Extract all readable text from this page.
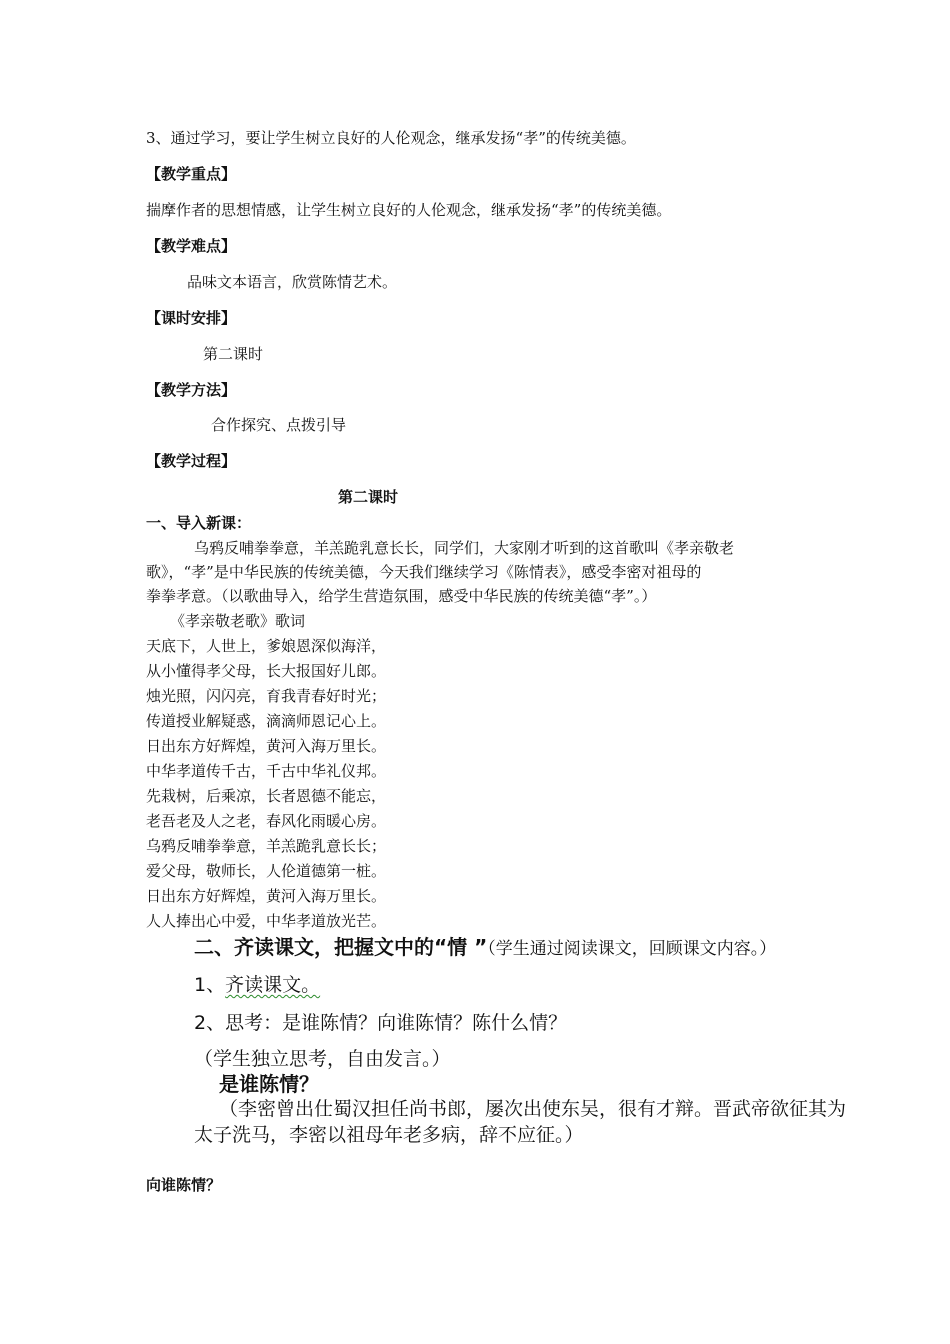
3、通过学习，要让学生树立良好的人伦观念，继承发扬“孝”的传统美德。
【教学重点】
揣摩作者的思想情感，让学生树立良好的人伦观念，继承发扬“孝”的传统美德。
【教学难点】
品味文本语言，欣赏陈情艺术。
【课时安排】
第二课时
【教学方法】
合作探究、点拨引导
【教学过程】
第二课时
一、导入新课：
乌鸦反哺拳拳意，羊羔跪乳意长长，同学们，大家刚才听到的这首歌叫《孝亲敬老
歌》，“孝”是中华民族的传统美德，今天我们继续学习《陈情表》，感受李密对祖母的
拳拳孝意。（以歌曲导入，给学生营造氛围，感受中华民族的传统美德“孝”。）
《孝亲敬老歌》歌词
天底下，人世上，爹娘恩深似海洋，
从小懂得孝父母，长大报国好儿郎。
烛光照，闪闪亮，育我青春好时光；
传道授业解疑惑，滴滴师恩记心上。
日出东方好辉煌，黄河入海万里长。
中华孝道传千古，千古中华礼仪邦。
先栽树，后乘凉，长者恩德不能忘，
老吾老及人之老，春风化雨暖心房。
乌鸦反哺拳拳意，羊羔跪乳意长长；
爱父母，敬师长，人伦道德第一桩。
日出东方好辉煌，黄河入海万里长。
人人捧出心中爱，中华孝道放光芒。
二、齐读课文，把握文中的“情 ”（学生通过阅读课文，回顾课文内容。）
1、齐读课文。
2、思考：是谁陈情？向谁陈情？陈什么情？
（学生独立思考，自由发言。）
是谁陈情？
（李密曾出仕蜀汉担任尚书郎，屡次出使东吴，很有才辩。晋武帝欲征其为
太子洗马，李密以祖母年老多病，辞不应征。）
向谁陈情？
